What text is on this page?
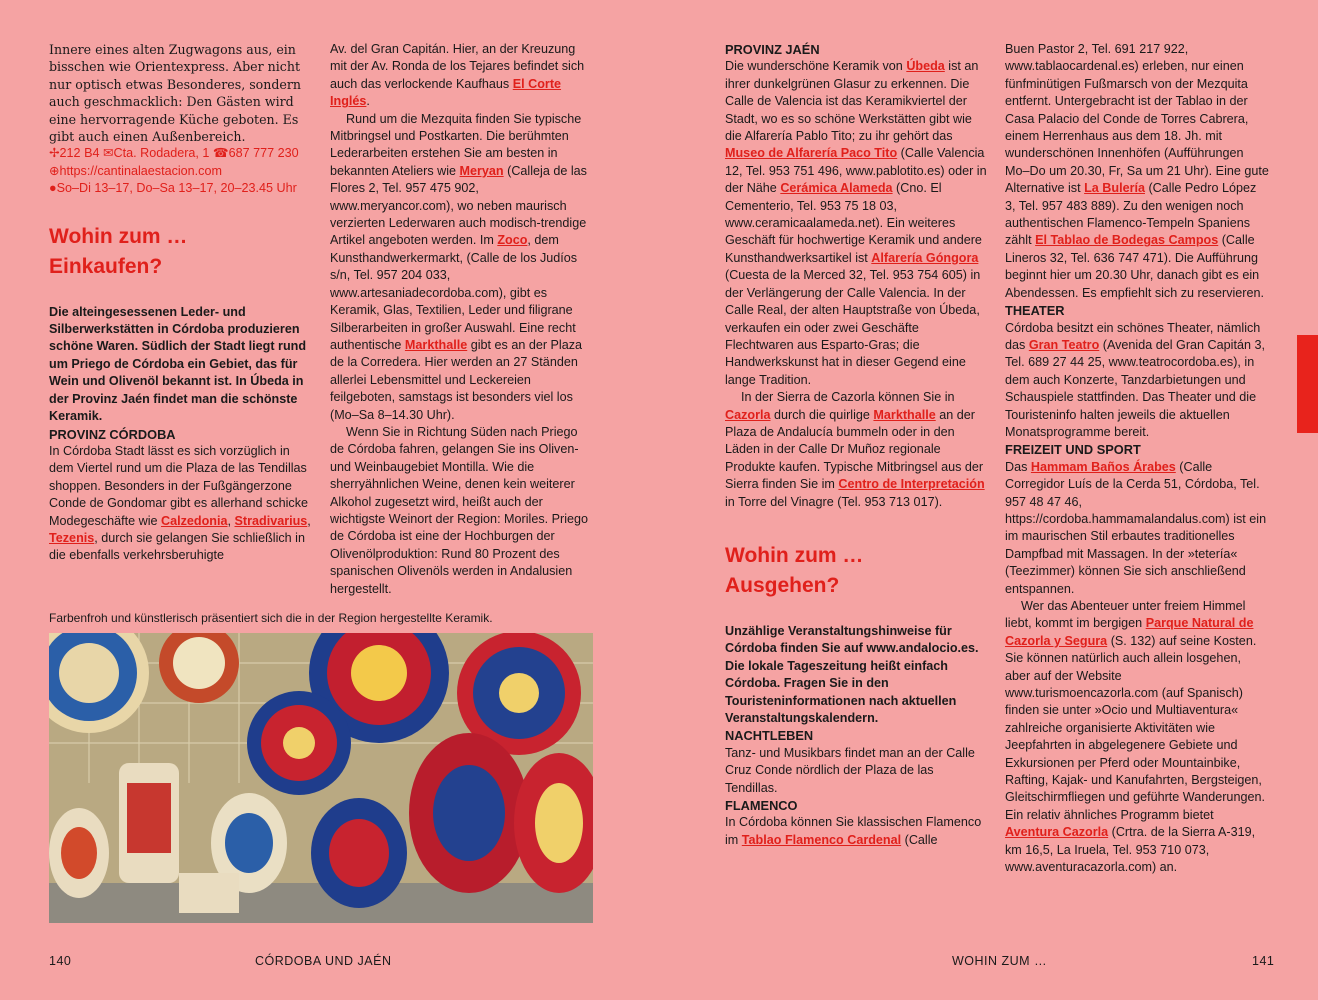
Innere eines alten Zugwagons aus, ein bisschen wie Orientexpress. Aber nicht nur optisch etwas Besonderes, sondern auch geschmacklich: Den Gästen wird eine hervorragende Küche geboten. Es gibt auch einen Außenbereich.

✢212 B4 ✉Cta. Rodadera, 1 ☎687 777 230

⊕https://cantinalaestacion.com

●So–Di 13–17, Do–Sa 13–17, 20–23.45 Uhr

Wohin zum … Einkaufen?

Die alteingesessenen Leder- und Silberwerkstätten in Córdoba produzieren schöne Waren. Südlich der Stadt liegt rund um Priego de Córdoba ein Gebiet, das für Wein und Olivenöl bekannt ist. In Úbeda in der Provinz Jaén findet man die schönste Keramik.

PROVINZ CÓRDOBA

In Córdoba Stadt lässt es sich vorzüglich in dem Viertel rund um die Plaza de las Tendillas shoppen. Besonders in der Fußgängerzone Conde de Gondomar gibt es allerhand schicke Modegeschäfte wie Calzedonia, Stradivarius, Tezenis, durch sie gelangen Sie schließlich in die ebenfalls verkehrsberuhigte

Av. del Gran Capitán. Hier, an der Kreuzung mit der Av. Ronda de los Tejares befindet sich auch das verlockende Kaufhaus El Corte Inglés.

Rund um die Mezquita finden Sie typische Mitbringsel und Postkarten. Die berühmten Lederarbeiten erstehen Sie am besten in bekannten Ateliers wie Meryan (Calleja de las Flores 2, Tel. 957 475 902, www.meryancor.com), wo neben maurisch verzierten Lederwaren auch modisch-trendige Artikel angeboten werden. Im Zoco, dem Kunsthandwerkermarkt, (Calle de los Judíos s/n, Tel. 957 204 033, www.artesaniadecordoba.com), gibt es Keramik, Glas, Textilien, Leder und filigrane Silberarbeiten in großer Auswahl. Eine recht authentische Markthalle gibt es an der Plaza de la Corredera. Hier werden an 27 Ständen allerlei Lebensmittel und Leckereien feilgeboten, samstags ist besonders viel los (Mo–Sa 8–14.30 Uhr).

Wenn Sie in Richtung Süden nach Priego de Córdoba fahren, gelangen Sie ins Oliven- und Weinbaugebiet Montilla. Wie die sherryähnlichen Weine, denen kein weiterer Alkohol zugesetzt wird, heißt auch der wichtigste Weinort der Region: Moriles. Priego de Córdoba ist eine der Hochburgen der Olivenölproduktion: Rund 80 Prozent des spanischen Olivenöls werden in Andalusien hergestellt.

Farbenfroh und künstlerisch präsentiert sich die in der Region hergestellte Keramik.

PROVINZ JAÉN

Die wunderschöne Keramik von Úbeda ist an ihrer dunkelgrünen Glasur zu erkennen. Die Calle de Valencia ist das Keramikviertel der Stadt, wo es so schöne Werkstätten gibt wie die Alfarería Pablo Tito; zu ihr gehört das Museo de Alfarería Paco Tito (Calle Valencia 12, Tel. 953 751 496, www.pablotito.es) oder in der Nähe Cerámica Alameda (Cno. El Cementerio, Tel. 953 75 18 03, www.ceramicaalameda.net). Ein weiteres Geschäft für hochwertige Keramik und andere Kunsthandwerksartikel ist Alfarería Góngora (Cuesta de la Merced 32, Tel. 953 754 605) in der Verlängerung der Calle Valencia. In der Calle Real, der alten Hauptstraße von Úbeda, verkaufen ein oder zwei Geschäfte Flechtwaren aus Esparto-Gras; die Handwerkskunst hat in dieser Gegend eine lange Tradition.

In der Sierra de Cazorla können Sie in Cazorla durch die quirlige Markthalle an der Plaza de Andalucía bummeln oder in den Läden in der Calle Dr Muñoz regionale Produkte kaufen. Typische Mitbringsel aus der Sierra finden Sie im Centro de Interpretación in Torre del Vinagre (Tel. 953 713 017).

Wohin zum … Ausgehen?

Unzählige Veranstaltungshinweise für Córdoba finden Sie auf www.andalocio.es. Die lokale Tageszeitung heißt einfach Córdoba. Fragen Sie in den Touristeninformationen nach aktuellen Veranstaltungskalendern.

NACHTLEBEN

Tanz- und Musikbars findet man an der Calle Cruz Conde nördlich der Plaza de las Tendillas.

FLAMENCO

In Córdoba können Sie klassischen Flamenco im Tablao Flamenco Cardenal (Calle

Buen Pastor 2, Tel. 691 217 922, www.tablaocardenal.es) erleben, nur einen fünfminütigen Fußmarsch von der Mezquita entfernt. Untergebracht ist der Tablao in der Casa Palacio del Conde de Torres Cabrera, einem Herrenhaus aus dem 18. Jh. mit wunderschönen Innenhöfen (Aufführungen Mo–Do um 20.30, Fr, Sa um 21 Uhr). Eine gute Alternative ist La Bulería (Calle Pedro López 3, Tel. 957 483 889). Zu den wenigen noch authentischen Flamenco-Tempeln Spaniens zählt El Tablao de Bodegas Campos (Calle Lineros 32, Tel. 636 747 471). Die Aufführung beginnt hier um 20.30 Uhr, danach gibt es ein Abendessen. Es empfiehlt sich zu reservieren.

THEATER

Córdoba besitzt ein schönes Theater, nämlich das Gran Teatro (Avenida del Gran Capitán 3, Tel. 689 27 44 25, www.teatrocordoba.es), in dem auch Konzerte, Tanzdarbietungen und Schauspiele stattfinden. Das Theater und die Touristeninfo halten jeweils die aktuellen Monatsprogramme bereit.

FREIZEIT UND SPORT

Das Hammam Baños Árabes (Calle Corregidor Luís de la Cerda 51, Córdoba, Tel. 957 48 47 46, https://cordoba.hammamalandalus.com) ist ein im maurischen Stil erbautes traditionelles Dampfbad mit Massagen. In der »tetería« (Teezimmer) können Sie sich anschließend entspannen.

Wer das Abenteuer unter freiem Himmel liebt, kommt im bergigen Parque Natural de Cazorla y Segura (S. 132) auf seine Kosten. Sie können natürlich auch allein losgehen, aber auf der Website www.turismoencazorla.com (auf Spanisch) finden sie unter »Ocio und Multiaventura« zahlreiche organisierte Aktivitäten wie Jeepfahrten in abgelegenere Gebiete und Exkursionen per Pferd oder Mountainbike, Rafting, Kajak- und Kanufahrten, Bergsteigen, Gleitschirmfliegen und geführte Wanderungen. Ein relativ ähnliches Programm bietet Aventura Cazorla (Crtra. de la Sierra A-319, km 16,5, La Iruela, Tel. 953 710 073, www.aventuracazorla.com) an.

140	CÓRDOBA UND JAÉN	WOHIN ZUM …	141
